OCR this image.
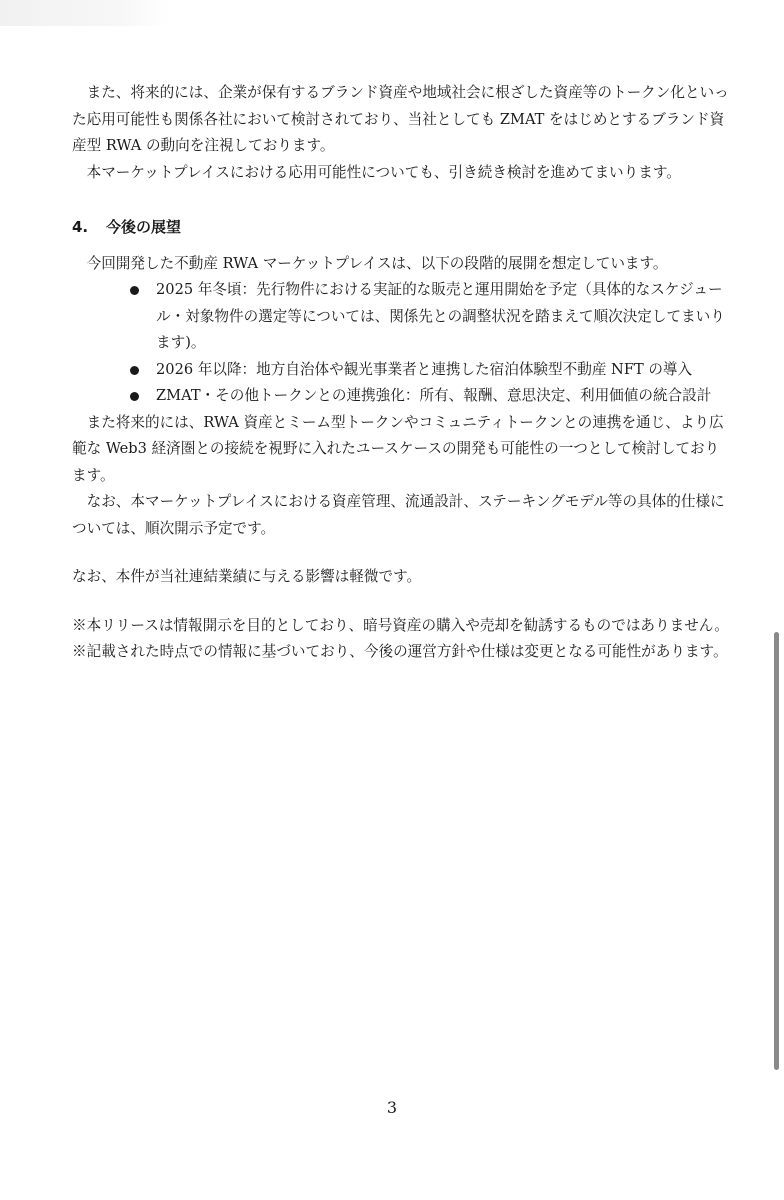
また、将来的には、企業が保有するブランド資産や地域社会に根ざした資産等のトークン化といった応用可能性も関係各社において検討されており、当社としても ZMAT をはじめとするブランド資産型 RWA の動向を注視しております。

本マーケットプレイスにおける応用可能性についても、引き続き検討を進めてまいります。

4. 今後の展望

今回開発した不動産 RWA マーケットプレイスは、以下の段階的展開を想定しています。

2025 年冬頃：先行物件における実証的な販売と運用開始を予定（具体的なスケジュール・対象物件の選定等については、関係先との調整状況を踏まえて順次決定してまいります)。
2026 年以降：地方自治体や観光事業者と連携した宿泊体験型不動産 NFT の導入
ZMAT・その他トークンとの連携強化：所有、報酬、意思決定、利用価値の統合設計

また将来的には、RWA 資産とミーム型トークンやコミュニティトークンとの連携を通じ、より広範な Web3 経済圏との接続を視野に入れたユースケースの開発も可能性の一つとして検討しております。

なお、本マーケットプレイスにおける資産管理、流通設計、ステーキングモデル等の具体的仕様については、順次開示予定です。

なお、本件が当社連結業績に与える影響は軽微です。

※本リリースは情報開示を目的としており、暗号資産の購入や売却を勧誘するものではありません。

※記載された時点での情報に基づいており、今後の運営方針や仕様は変更となる可能性があります。

3
